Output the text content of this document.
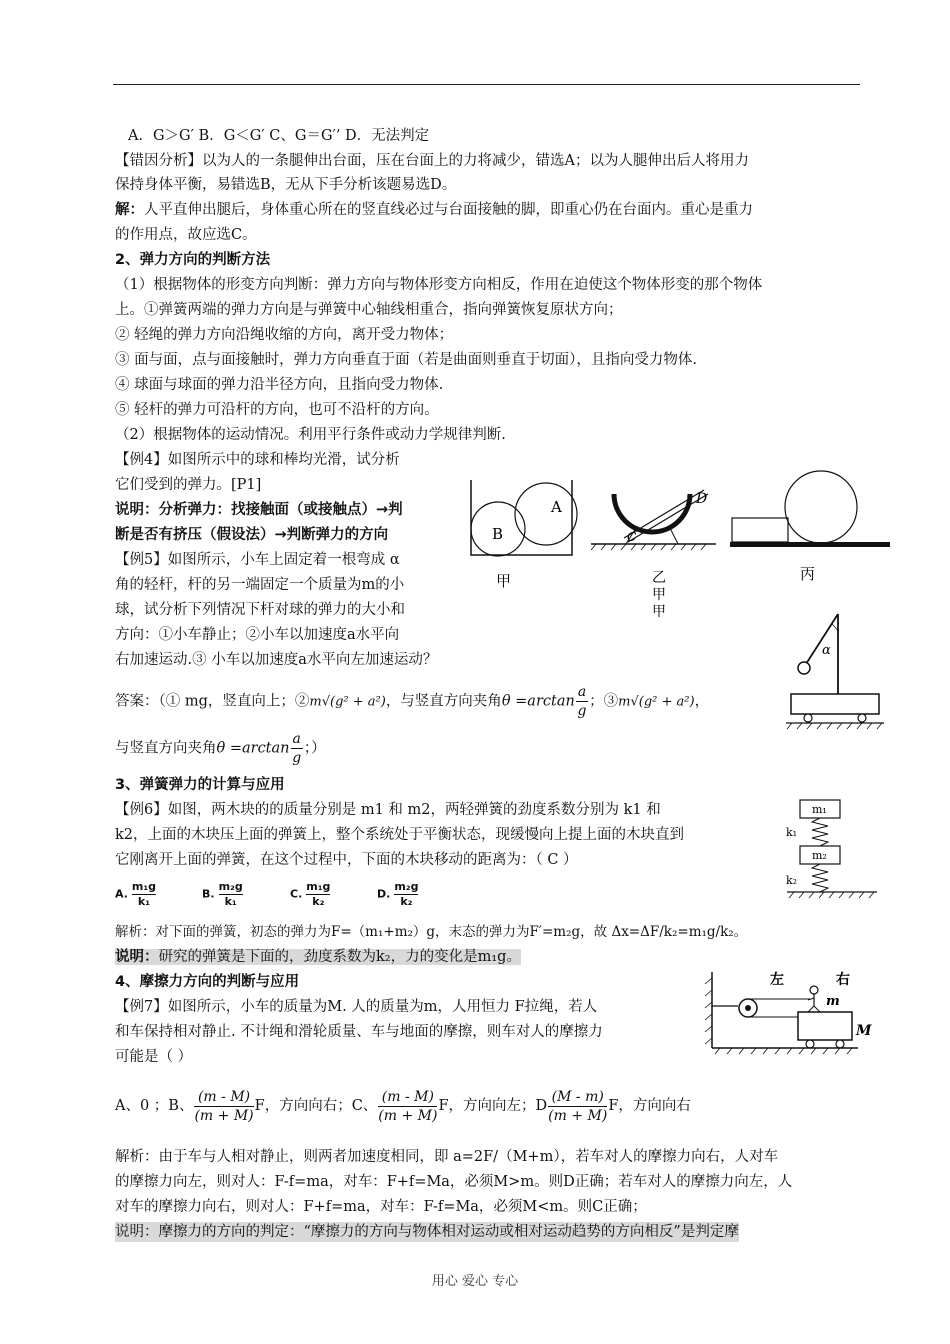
A．G＞G′ B．G＜G′ C、G＝G′’ D．无法判定
【错因分析】以为人的一条腿伸出台面，压在台面上的力将减少，错选A；以为人腿伸出后人将用力
保持身体平衡，易错选B，无从下手分析该题易选D。
解：人平直伸出腿后，身体重心所在的竖直线必过与台面接触的脚，即重心仍在台面内。重心是重力
的作用点，故应选C。
2、弹力方向的判断方法
（1）根据物体的形变方向判断：弹力方向与物体形变方向相反，作用在迫使这个物体形变的那个物体
上。①弹簧两端的弹力方向是与弹簧中心轴线相重合，指向弹簧恢复原状方向；
② 轻绳的弹力方向沿绳收缩的方向，离开受力物体；
③ 面与面，点与面接触时，弹力方向垂直于面（若是曲面则垂直于切面），且指向受力物体.
④ 球面与球面的弹力沿半径方向，且指向受力物体.
⑤ 轻杆的弹力可沿杆的方向，也可不沿杆的方向。
（2）根据物体的运动情况。利用平行条件或动力学规律判断.
【例4】如图所示中的球和棒均光滑，试分析
它们受到的弹力。[P1]
说明：分析弹力：找接触面（或接触点）→判
断是否有挤压（假设法）→判断弹力的方向
【例5】如图所示，小车上固定着一根弯成 α
角的轻杆，杆的另一端固定一个质量为m的小
球，试分析下列情况下杆对球的弹力的大小和
方向：①小车静止；②小车以加速度a水平向
右加速运动.③ 小车以加速度a水平向左加速运动？
答案：（① mg，竖直向上；②m√(g² + a²)，与竖直方向夹角$\theta =\arctan \frac{a}{g}$ ；③m√(g² + a²)，
与竖直方向夹角$\theta =\arctan \frac{a}{g}$ ；）
3、弹簧弹力的计算与应用
【例6】如图，两木块的的质量分别是 m1 和 m2，两轻弹簧的劲度系数分别为 k1 和
k2，上面的木块压上面的弹簧上，整个系统处于平衡状态，现缓慢向上提上面的木块直到
它刚离开上面的弹簧，在这个过程中，下面的木块移动的距离为：（ C ）
A. $\frac{\text{m₁g}}{\text{k₁}}$	B. $\frac{\text{m₂g}}{\text{k₁}}$	C. $\frac{\text{m₁g}}{\text{k₂}}$	D. $\frac{\text{m₂g}}{\text{k₂}}$
解析：对下面的弹簧，初态的弹力为F=（m₁+m₂）g，末态的弹力为F′=m₂g，故 Δx=ΔF/k₂=m₁g/k₂。
说明：研究的弹簧是下面的，劲度系数为k₂，力的变化是m₁g。
4、摩擦力方向的判断与应用
【例7】如图所示，小车的质量为M. 人的质量为m，人用恒力 F拉绳，若人
和车保持相对静止. 不计绳和滑轮质量、车与地面的摩擦，则车对人的摩擦力
可能是（ ）
A、0 ；B、 $\frac{(m - M)}{(m + M)}$ F，方向向右；C、 $\frac{(m - M)}{(m + M)}$ F，方向向左；D $\frac{(M - m)}{(m + M)}$ F，方向向右
解析：由于车与人相对静止，则两者加速度相同，即 a=2F/（M+m），若车对人的摩擦力向右，人对车
的摩擦力向左，则对人：F-f=ma，对车：F+f=Ma，必须M>m。则D正确；若车对人的摩擦力向左，人
对车的摩擦力向右，则对人：F+f=ma，对车：F-f=Ma，必须M<m。则C正确；
说明：摩擦力的方向的判定：“摩擦力的方向与物体相对运动或相对运动趋势的方向相反”是判定摩
用心 爱心 专心
A
B
甲
D
C
乙
甲
甲
丙
α
m₁
k₁
m₂
k₂
左	右
m
M
